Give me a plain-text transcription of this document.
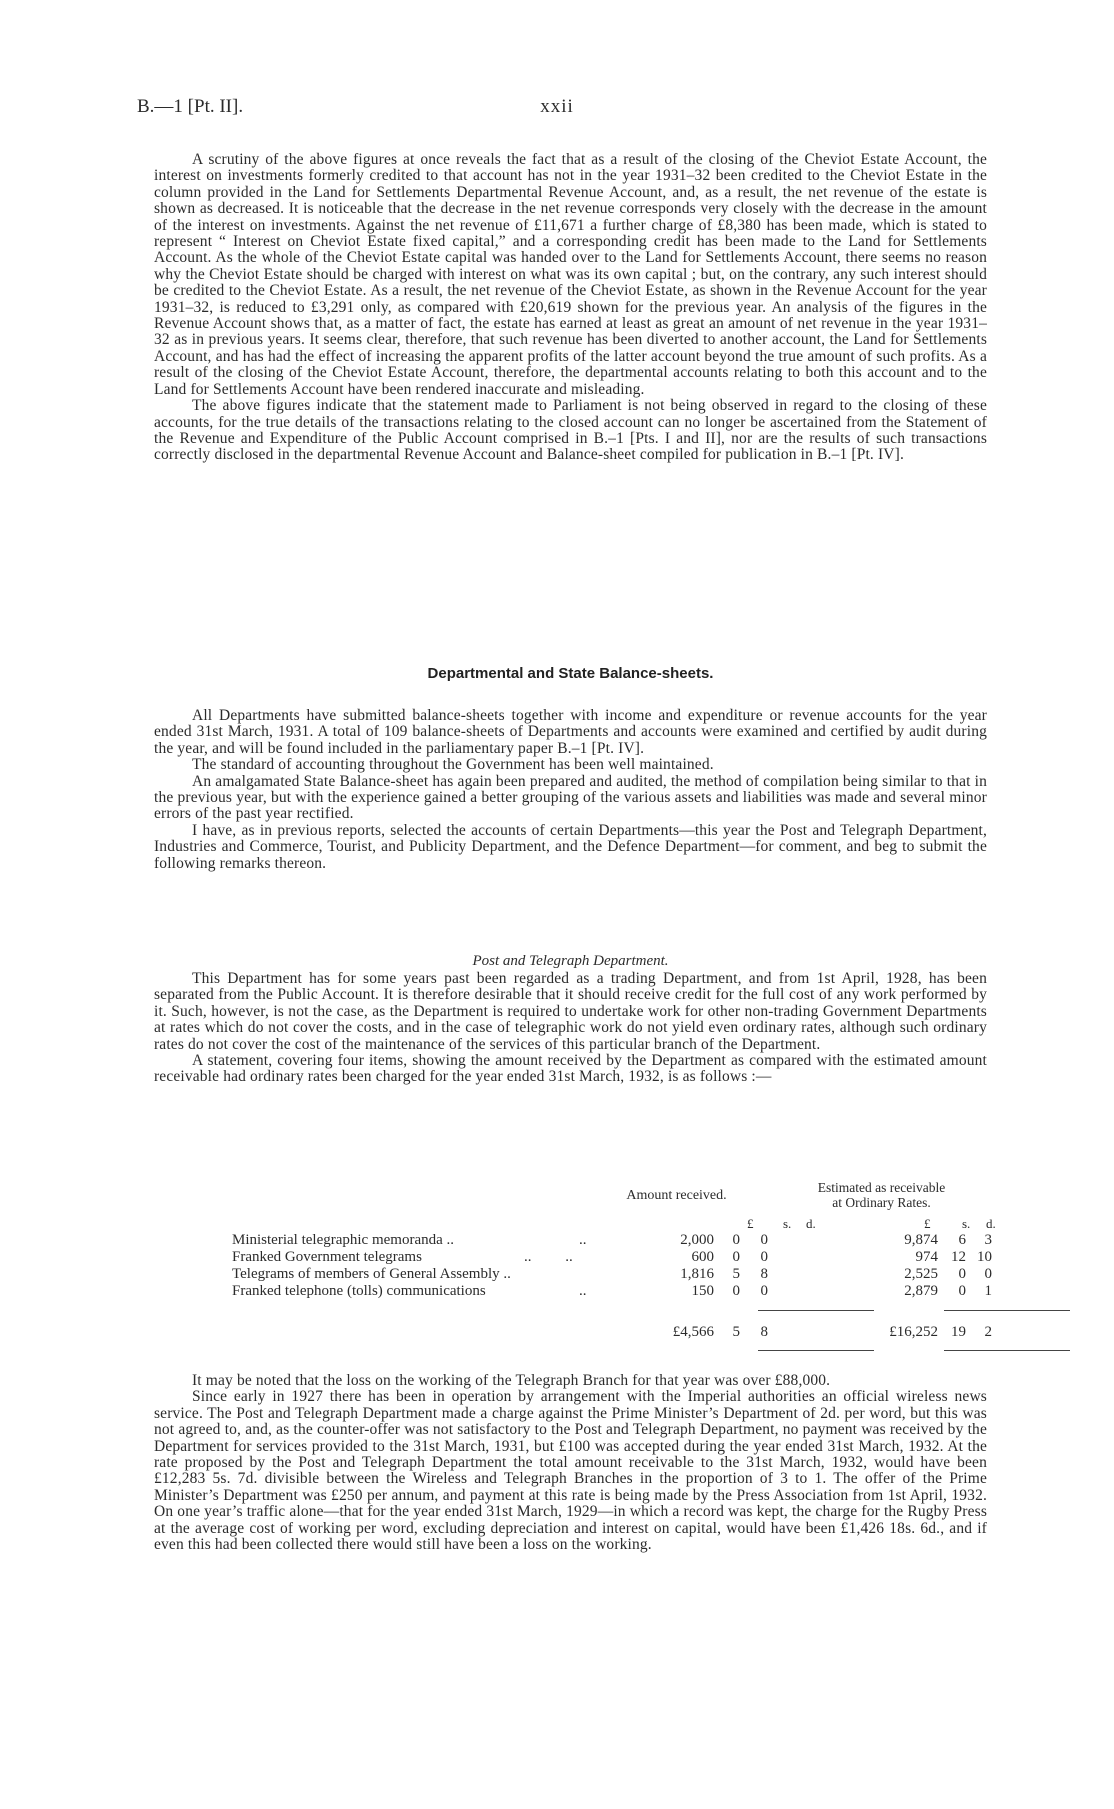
B.—1 [Pt. II].	xxii

A scrutiny of the above figures at once reveals the fact that as a result of the closing of the Cheviot Estate Account, the interest on investments formerly credited to that account has not in the year 1931–32 been credited to the Cheviot Estate in the column provided in the Land for Settlements Departmental Revenue Account, and, as a result, the net revenue of the estate is shown as decreased. It is noticeable that the decrease in the net revenue corresponds very closely with the decrease in the amount of the interest on investments. Against the net revenue of £11,671 a further charge of £8,380 has been made, which is stated to represent “ Interest on Cheviot Estate fixed capital,” and a corresponding credit has been made to the Land for Settlements Account. As the whole of the Cheviot Estate capital was handed over to the Land for Settlements Account, there seems no reason why the Cheviot Estate should be charged with interest on what was its own capital ; but, on the contrary, any such interest should be credited to the Cheviot Estate. As a result, the net revenue of the Cheviot Estate, as shown in the Revenue Account for the year 1931–32, is reduced to £3,291 only, as compared with £20,619 shown for the previous year. An analysis of the figures in the Revenue Account shows that, as a matter of fact, the estate has earned at least as great an amount of net revenue in the year 1931–32 as in previous years. It seems clear, therefore, that such revenue has been diverted to another account, the Land for Settlements Account, and has had the effect of increasing the apparent profits of the latter account beyond the true amount of such profits. As a result of the closing of the Cheviot Estate Account, therefore, the departmental accounts relating to both this account and to the Land for Settlements Account have been rendered inaccurate and misleading.

The above figures indicate that the statement made to Parliament is not being observed in regard to the closing of these accounts, for the true details of the transactions relating to the closed account can no longer be ascertained from the Statement of the Revenue and Expenditure of the Public Account comprised in B.–1 [Pts. I and II], nor are the results of such transactions correctly disclosed in the departmental Revenue Account and Balance-sheet compiled for publication in B.–1 [Pt. IV].

Departmental and State Balance-sheets.

All Departments have submitted balance-sheets together with income and expenditure or revenue accounts for the year ended 31st March, 1931. A total of 109 balance-sheets of Departments and accounts were examined and certified by audit during the year, and will be found included in the parliamentary paper B.–1 [Pt. IV].

The standard of accounting throughout the Government has been well maintained.

An amalgamated State Balance-sheet has again been prepared and audited, the method of compilation being similar to that in the previous year, but with the experience gained a better grouping of the various assets and liabilities was made and several minor errors of the past year rectified.

I have, as in previous reports, selected the accounts of certain Departments—this year the Post and Telegraph Department, Industries and Commerce, Tourist, and Publicity Department, and the Defence Department—for comment, and beg to submit the following remarks thereon.

Post and Telegraph Department.

This Department has for some years past been regarded as a trading Department, and from 1st April, 1928, has been separated from the Public Account. It is therefore desirable that it should receive credit for the full cost of any work performed by it. Such, however, is not the case, as the Department is required to undertake work for other non-trading Government Departments at rates which do not cover the costs, and in the case of telegraphic work do not yield even ordinary rates, although such ordinary rates do not cover the cost of the maintenance of the services of this particular branch of the Department.

A statement, covering four items, showing the amount received by the Department as compared with the estimated amount receivable had ordinary rates been charged for the year ended 31st March, 1932, is as follows :—

Amount received.
Estimated as receivable
at Ordinary Rates.
£ s. d.	£ s. d.
Ministerial telegraphic memoranda ..	..	2,000	0	0	9,874	6	3
Franked Government telegrams	.. ..	600	0	0	974 12 10
Telegrams of members of General Assembly ..	1,816	5	8	2,525	0	0
Franked telephone (tolls) communications	..	150	0	0	2,879	0	1
£4,566	5	8	£16,252 19	2

It may be noted that the loss on the working of the Telegraph Branch for that year was over £88,000.

Since early in 1927 there has been in operation by arrangement with the Imperial authorities an official wireless news service. The Post and Telegraph Department made a charge against the Prime Minister’s Department of 2d. per word, but this was not agreed to, and, as the counter-offer was not satisfactory to the Post and Telegraph Department, no payment was received by the Department for services provided to the 31st March, 1931, but £100 was accepted during the year ended 31st March, 1932. At the rate proposed by the Post and Telegraph Department the total amount receivable to the 31st March, 1932, would have been £12,283 5s. 7d. divisible between the Wireless and Telegraph Branches in the proportion of 3 to 1. The offer of the Prime Minister’s Department was £250 per annum, and payment at this rate is being made by the Press Association from 1st April, 1932. On one year’s traffic alone—that for the year ended 31st March, 1929—in which a record was kept, the charge for the Rugby Press at the average cost of working per word, excluding depreciation and interest on capital, would have been £1,426 18s. 6d., and if even this had been collected there would still have been a loss on the working.
